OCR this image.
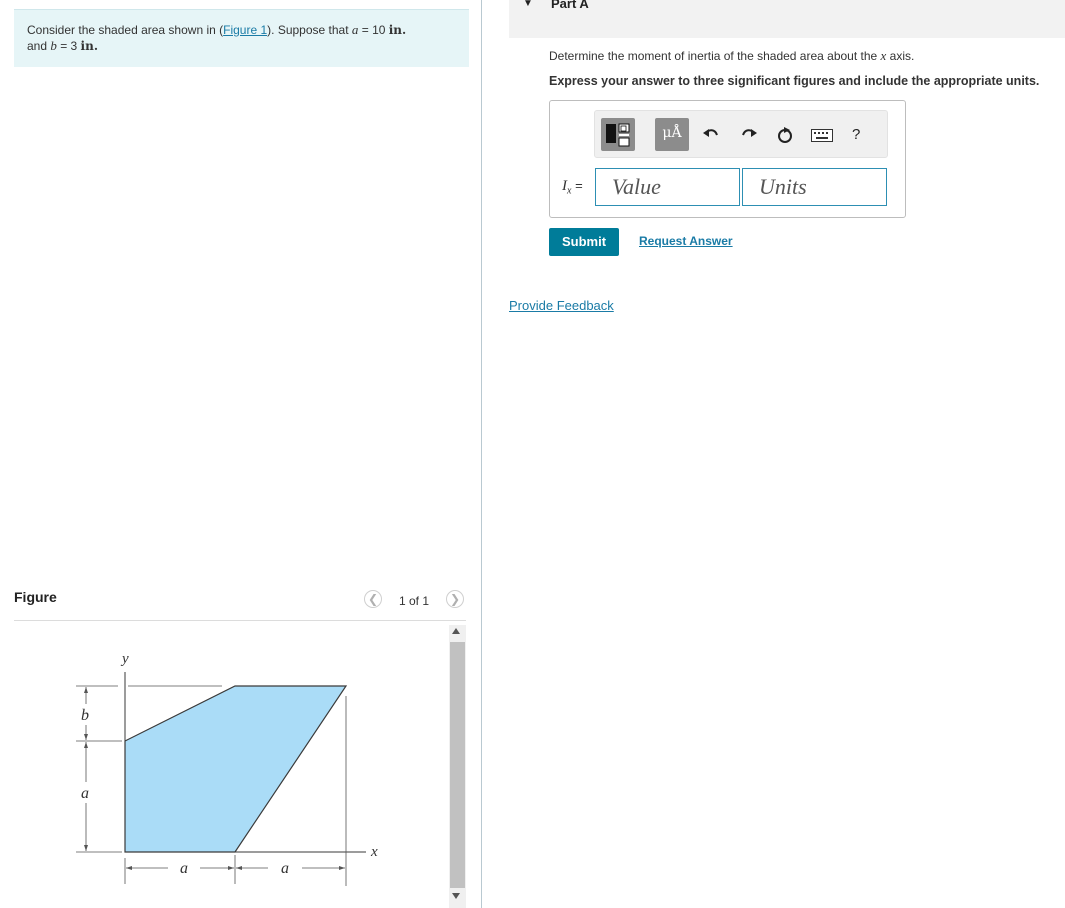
Consider the shaded area shown in (Figure 1). Suppose that a = 10 in.
and b = 3 in.
Figure	❮	1 of 1	❯
y
x
b
a
a	a
▼ Part A
Determine the moment of inertia of the shaded area about the x axis.
Express your answer to three significant figures and include the appropriate units.
μÅ	?
$I_x$ =	Value	Units
Submit	Request Answer
Provide Feedback
